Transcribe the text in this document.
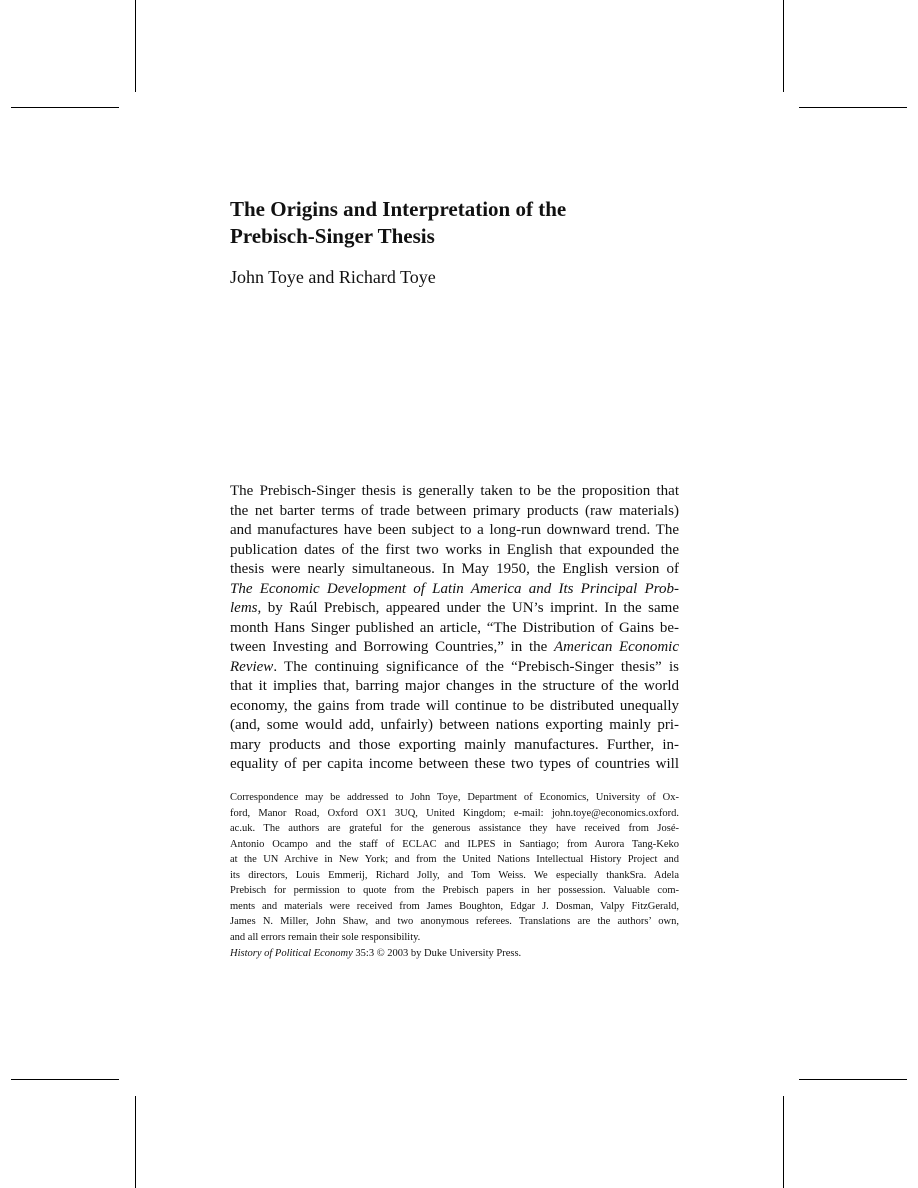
The Origins and Interpretation of the
Prebisch-Singer Thesis
John Toye and Richard Toye
The Prebisch-Singer thesis is generally taken to be the proposition that
the net barter terms of trade between primary products (raw materials)
and manufactures have been subject to a long-run downward trend. The
publication dates of the first two works in English that expounded the
thesis were nearly simultaneous. In May 1950, the English version of
The Economic Development of Latin America and Its Principal Prob-
lems, by Raúl Prebisch, appeared under the UN’s imprint. In the same
month Hans Singer published an article, “The Distribution of Gains be-
tween Investing and Borrowing Countries,” in the American Economic
Review. The continuing significance of the “Prebisch-Singer thesis” is
that it implies that, barring major changes in the structure of the world
economy, the gains from trade will continue to be distributed unequally
(and, some would add, unfairly) between nations exporting mainly pri-
mary products and those exporting mainly manufactures. Further, in-
equality of per capita income between these two types of countries will
Correspondence may be addressed to John Toye, Department of Economics, University of Ox-
ford, Manor Road, Oxford OX1 3UQ, United Kingdom; e-mail: john.toye@economics.oxford.
ac.uk. The authors are grateful for the generous assistance they have received from José-
Antonio Ocampo and the staff of ECLAC and ILPES in Santiago; from Aurora Tang-Keko
at the UN Archive in New York; and from the United Nations Intellectual History Project and
its directors, Louis Emmerij, Richard Jolly, and Tom Weiss. We especially thankSra. Adela
Prebisch for permission to quote from the Prebisch papers in her possession. Valuable com-
ments and materials were received from James Boughton, Edgar J. Dosman, Valpy FitzGerald,
James N. Miller, John Shaw, and two anonymous referees. Translations are the authors’ own,
and all errors remain their sole responsibility.
History of Political Economy 35:3 © 2003 by Duke University Press.
